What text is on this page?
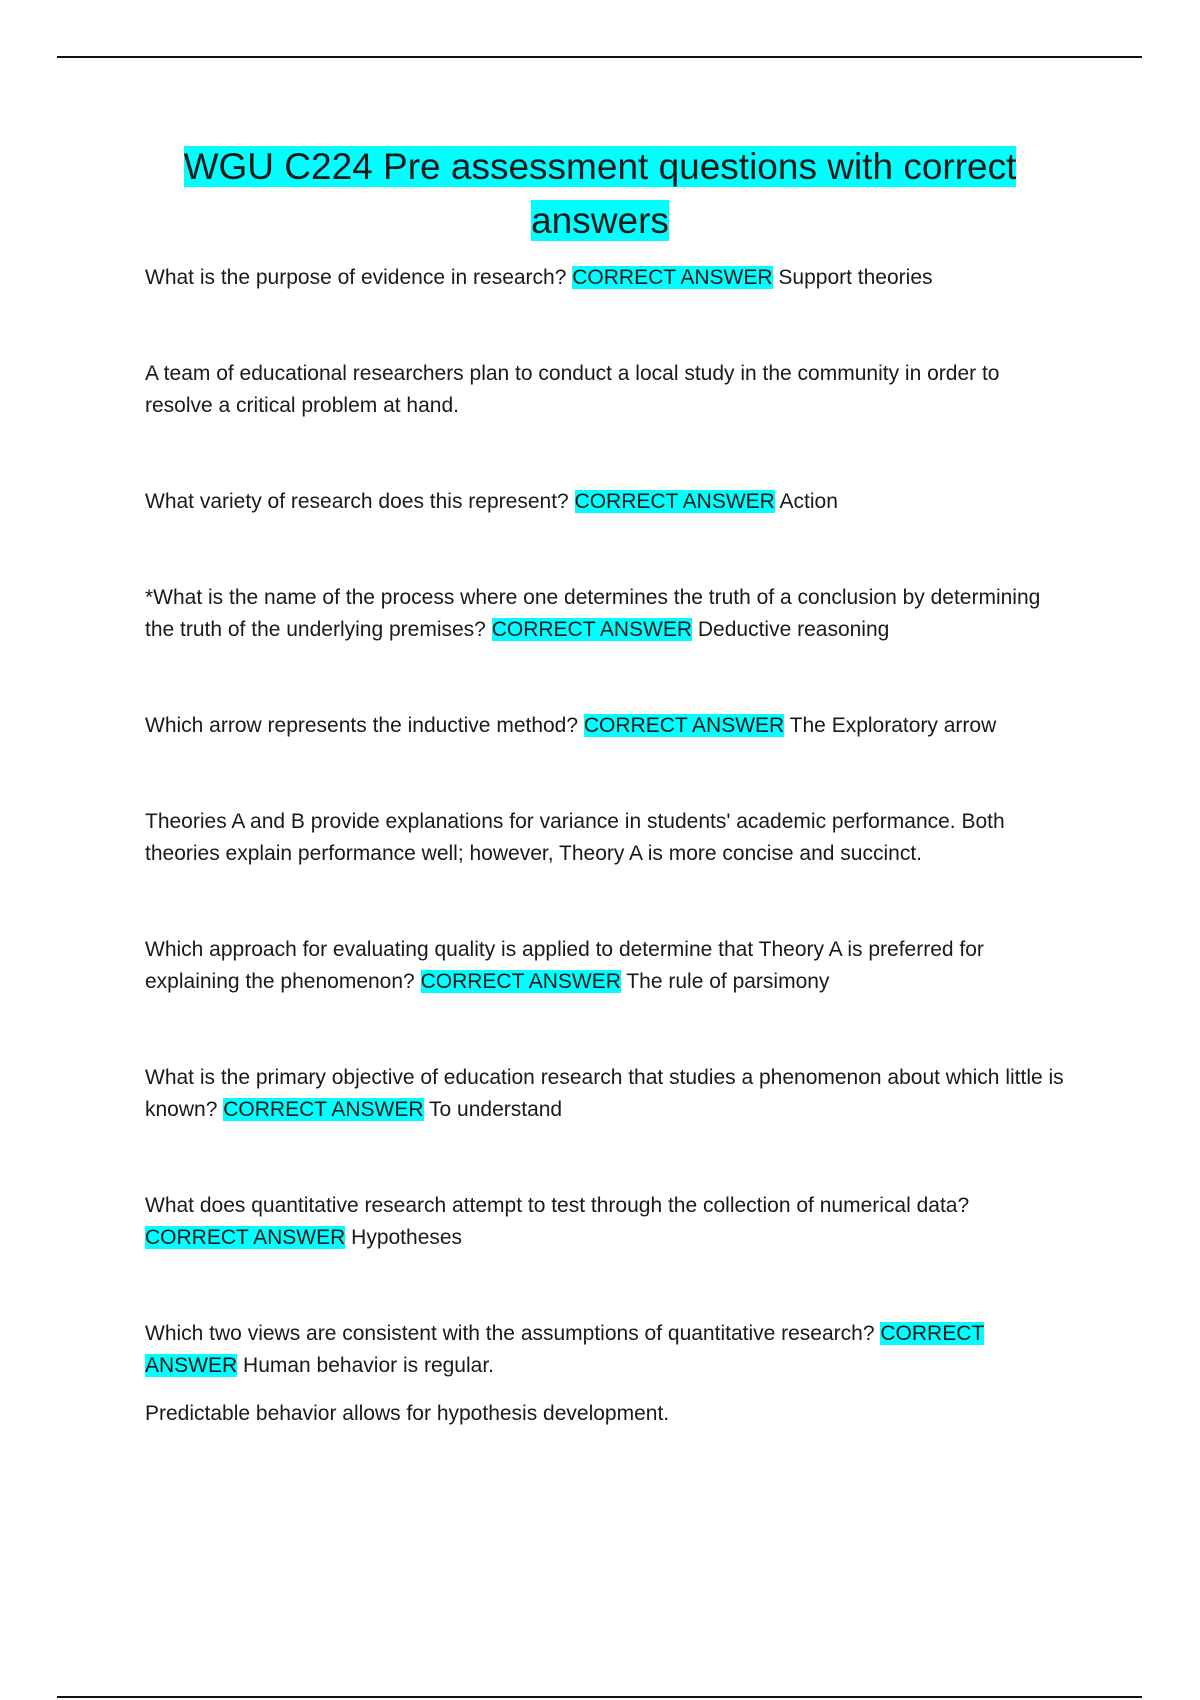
WGU C224 Pre assessment questions with correct answers

What is the purpose of evidence in research? CORRECT ANSWER Support theories

A team of educational researchers plan to conduct a local study in the community in order to resolve a critical problem at hand.

What variety of research does this represent? CORRECT ANSWER Action

*What is the name of the process where one determines the truth of a conclusion by determining the truth of the underlying premises? CORRECT ANSWER Deductive reasoning

Which arrow represents the inductive method? CORRECT ANSWER The Exploratory arrow

Theories A and B provide explanations for variance in students' academic performance. Both theories explain performance well; however, Theory A is more concise and succinct.

Which approach for evaluating quality is applied to determine that Theory A is preferred for explaining the phenomenon? CORRECT ANSWER The rule of parsimony

What is the primary objective of education research that studies a phenomenon about which little is known? CORRECT ANSWER To understand

What does quantitative research attempt to test through the collection of numerical data? CORRECT ANSWER Hypotheses

Which two views are consistent with the assumptions of quantitative research? CORRECT ANSWER Human behavior is regular.

Predictable behavior allows for hypothesis development.
